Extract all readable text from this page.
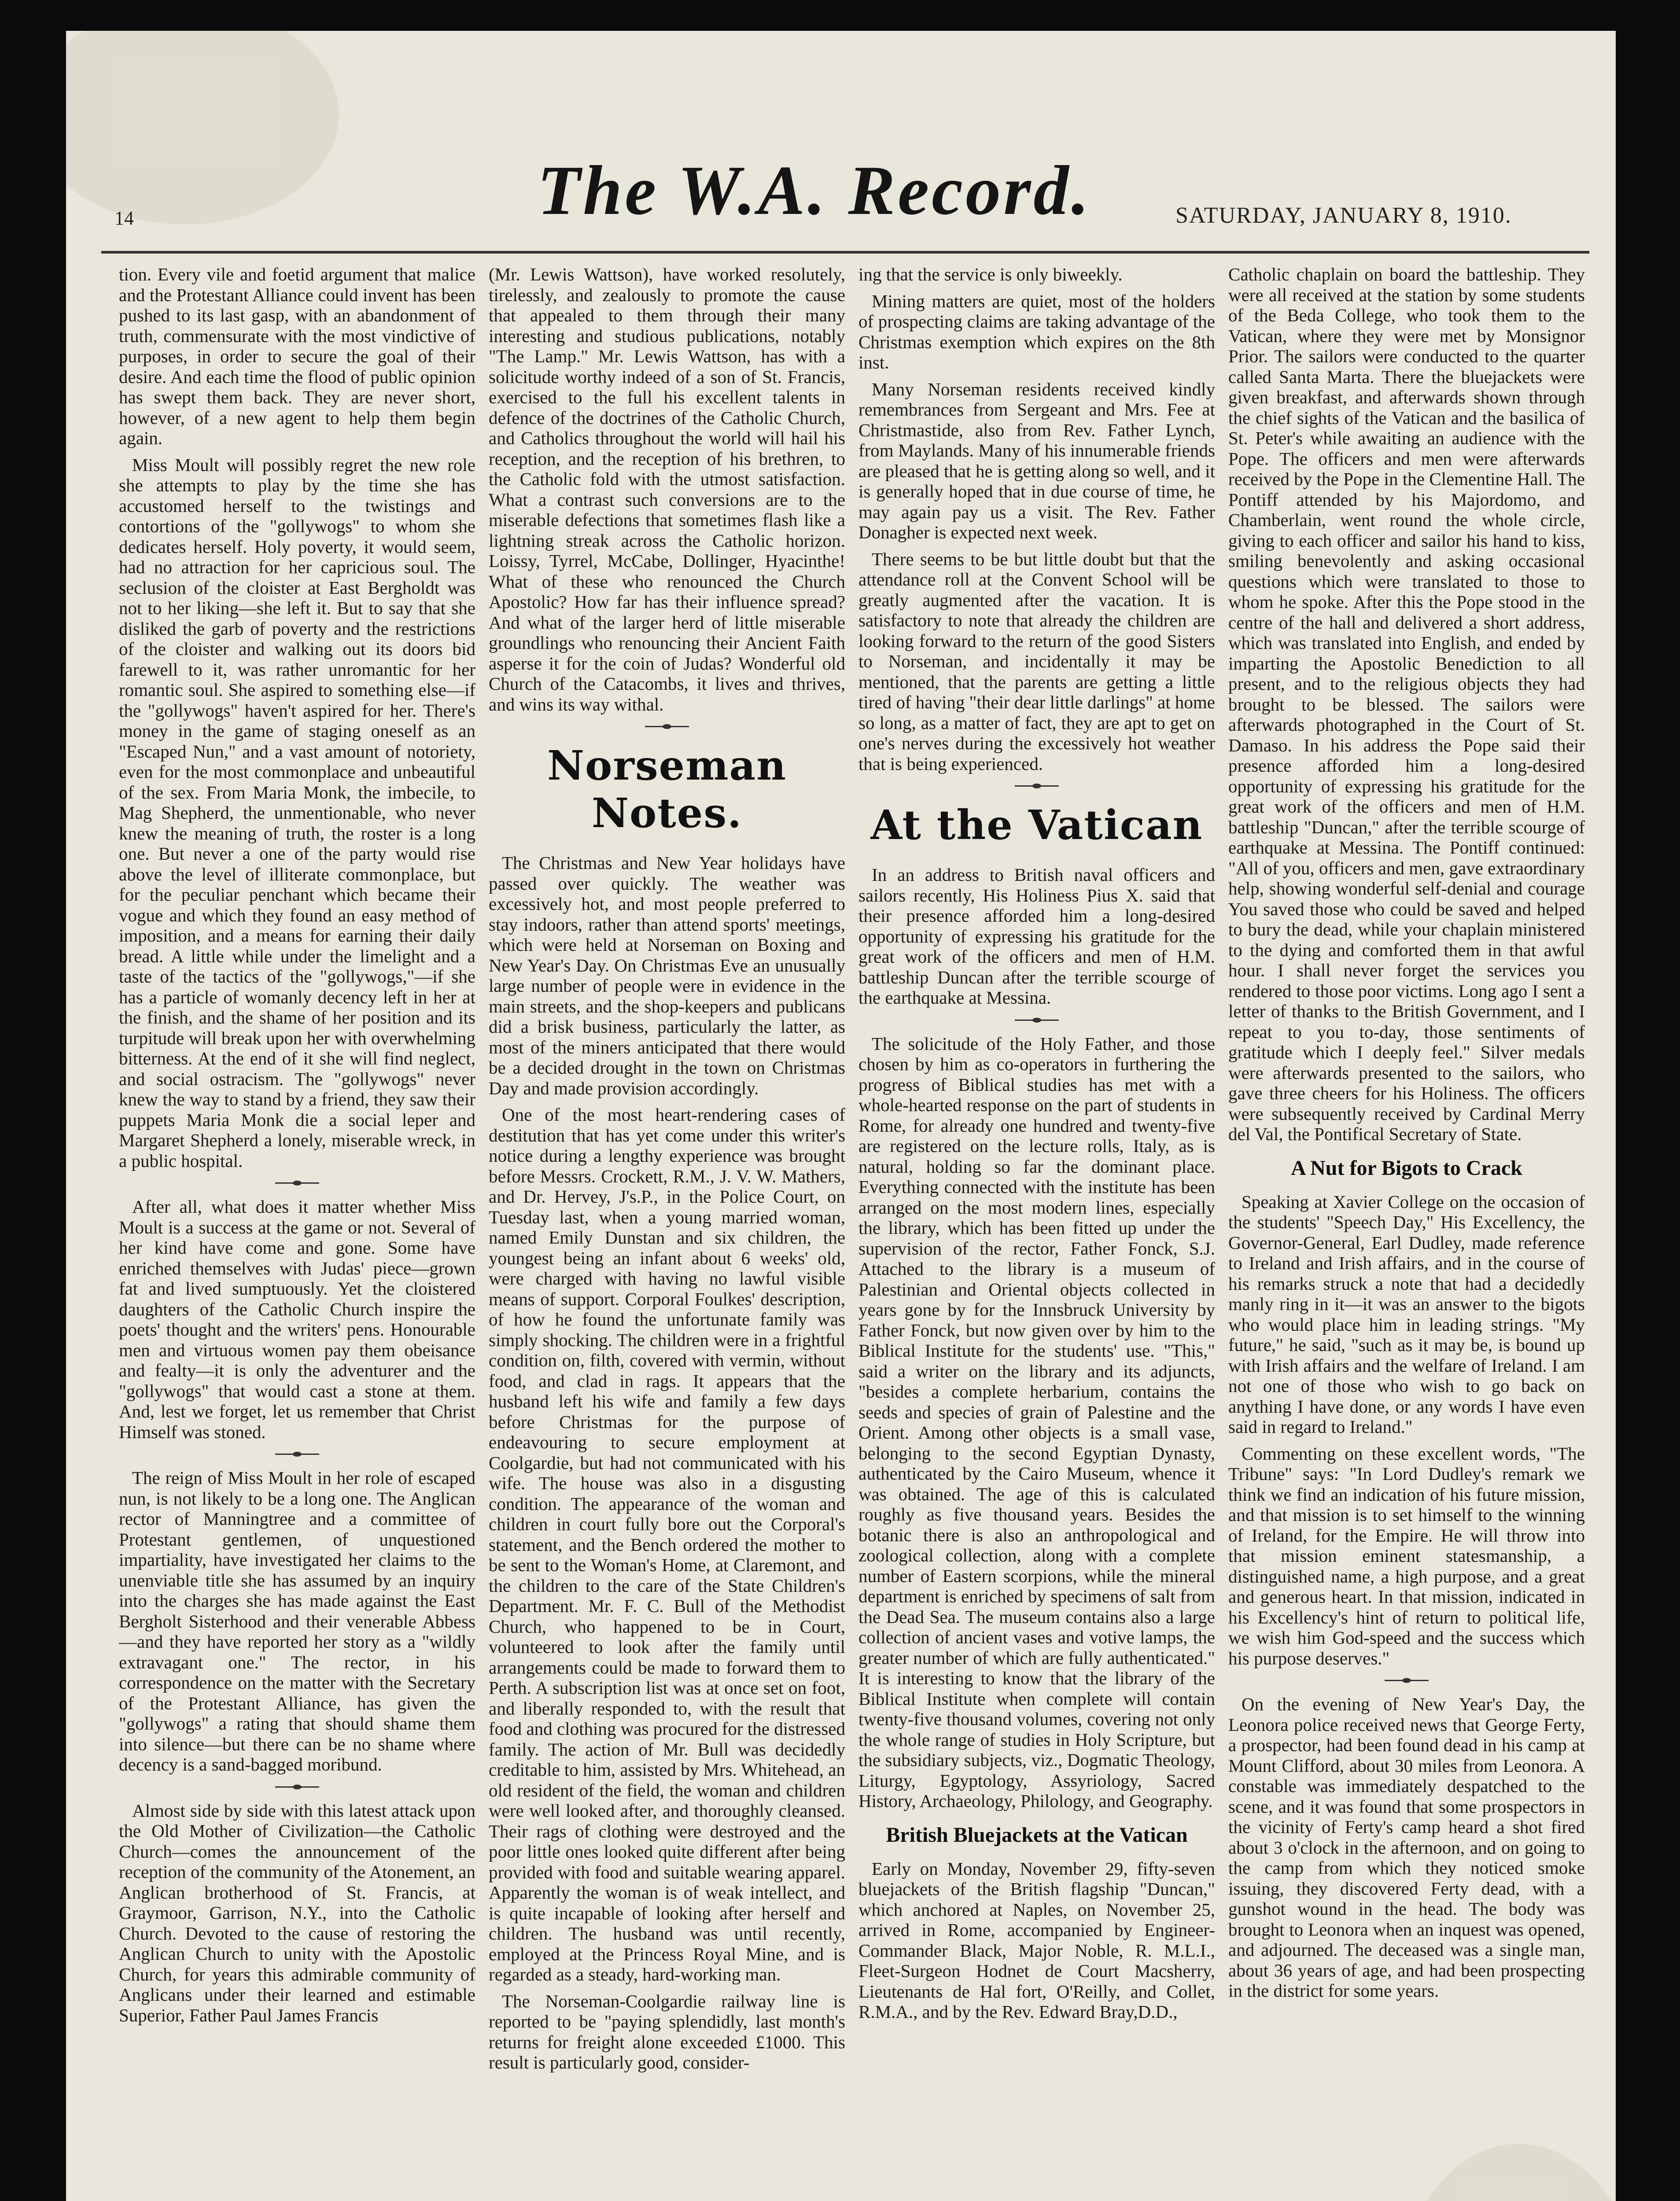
14	The W.A. Record.	SATURDAY, JANUARY 8, 1910.

tion. Every vile and foetid argument that malice and the Protestant Alliance could invent has been pushed to its last gasp, with an abandonment of truth, commensurate with the most vindictive of purposes, in order to secure the goal of their desire. And each time the flood of public opinion has swept them back. They are never short, however, of a new agent to help them begin again.

Miss Moult will possibly regret the new role she attempts to play by the time she has accustomed herself to the twistings and contortions of the "gollywogs" to whom she dedicates herself. Holy poverty, it would seem, had no attraction for her capricious soul. The seclusion of the cloister at East Bergholdt was not to her liking—she left it. But to say that she disliked the garb of poverty and the restrictions of the cloister and walking out its doors bid farewell to it, was rather unromantic for her romantic soul. She aspired to something else—if the "gollywogs" haven't aspired for her. There's money in the game of staging oneself as an "Escaped Nun," and a vast amount of notoriety, even for the most commonplace and unbeautiful of the sex. From Maria Monk, the imbecile, to Mag Shepherd, the unmentionable, who never knew the meaning of truth, the roster is a long one. But never a one of the party would rise above the level of illiterate commonplace, but for the peculiar penchant which became their vogue and which they found an easy method of imposition, and a means for earning their daily bread. A little while under the limelight and a taste of the tactics of the "gollywogs,"—if she has a particle of womanly decency left in her at the finish, and the shame of her position and its turpitude will break upon her with overwhelming bitterness. At the end of it she will find neglect, and social ostracism. The "gollywogs" never knew the way to stand by a friend, they saw their puppets Maria Monk die a social leper and Margaret Shepherd a lonely, miserable wreck, in a public hospital.

After all, what does it matter whether Miss Moult is a success at the game or not. Several of her kind have come and gone. Some have enriched themselves with Judas' piece—grown fat and lived sumptuously. Yet the cloistered daughters of the Catholic Church inspire the poets' thought and the writers' pens. Honourable men and virtuous women pay them obeisance and fealty—it is only the adventurer and the "gollywogs" that would cast a stone at them. And, lest we forget, let us remember that Christ Himself was stoned.

The reign of Miss Moult in her role of escaped nun, is not likely to be a long one. The Anglican rector of Manningtree and a committee of Protestant gentlemen, of unquestioned impartiality, have investigated her claims to the unenviable title she has assumed by an inquiry into the charges she has made against the East Bergholt Sisterhood and their venerable Abbess—and they have reported her story as a "wildly extravagant one." The rector, in his correspondence on the matter with the Secretary of the Protestant Alliance, has given the "gollywogs" a rating that should shame them into silence—but there can be no shame where decency is a sand-bagged moribund.

Almost side by side with this latest attack upon the Old Mother of Civilization—the Catholic Church—comes the announcement of the reception of the community of the Atonement, an Anglican brotherhood of St. Francis, at Graymoor, Garrison, N.Y., into the Catholic Church. Devoted to the cause of restoring the Anglican Church to unity with the Apostolic Church, for years this admirable community of Anglicans under their learned and estimable Superior, Father Paul James Francis

(Mr. Lewis Wattson), have worked resolutely, tirelessly, and zealously to promote the cause that appealed to them through their many interesting and studious publications, notably "The Lamp." Mr. Lewis Wattson, has with a solicitude worthy indeed of a son of St. Francis, exercised to the full his excellent talents in defence of the doctrines of the Catholic Church, and Catholics throughout the world will hail his reception, and the reception of his brethren, to the Catholic fold with the utmost satisfaction. What a contrast such conversions are to the miserable defections that sometimes flash like a lightning streak across the Catholic horizon. Loissy, Tyrrel, McCabe, Dollinger, Hyacinthe! What of these who renounced the Church Apostolic? How far has their influence spread? And what of the larger herd of little miserable groundlings who renouncing their Ancient Faith asperse it for the coin of Judas? Wonderful old Church of the Catacombs, it lives and thrives, and wins its way withal.

Norseman Notes.

The Christmas and New Year holidays have passed over quickly. The weather was excessively hot, and most people preferred to stay indoors, rather than attend sports' meetings, which were held at Norseman on Boxing and New Year's Day. On Christmas Eve an unusually large number of people were in evidence in the main streets, and the shop-keepers and publicans did a brisk business, particularly the latter, as most of the miners anticipated that there would be a decided drought in the town on Christmas Day and made provision accordingly.

One of the most heart-rendering cases of destitution that has yet come under this writer's notice during a lengthy experience was brought before Messrs. Crockett, R.M., J. V. W. Mathers, and Dr. Hervey, J's.P., in the Police Court, on Tuesday last, when a young married woman, named Emily Dunstan and six children, the youngest being an infant about 6 weeks' old, were charged with having no lawful visible means of support. Corporal Foulkes' description, of how he found the unfortunate family was simply shocking. The children were in a frightful condition on, filth, covered with vermin, without food, and clad in rags. It appears that the husband left his wife and family a few days before Christmas for the purpose of endeavouring to secure employment at Coolgardie, but had not communicated with his wife. The house was also in a disgusting condition. The appearance of the woman and children in court fully bore out the Corporal's statement, and the Bench ordered the mother to be sent to the Woman's Home, at Claremont, and the children to the care of the State Children's Department. Mr. F. C. Bull of the Methodist Church, who happened to be in Court, volunteered to look after the family until arrangements could be made to forward them to Perth. A subscription list was at once set on foot, and liberally responded to, with the result that food and clothing was procured for the distressed family. The action of Mr. Bull was decidedly creditable to him, assisted by Mrs. Whitehead, an old resident of the field, the woman and children were well looked after, and thoroughly cleansed. Their rags of clothing were destroyed and the poor little ones looked quite different after being provided with food and suitable wearing apparel. Apparently the woman is of weak intellect, and is quite incapable of looking after herself and children. The husband was until recently, employed at the Princess Royal Mine, and is regarded as a steady, hard-working man.

The Norseman-Coolgardie railway line is reported to be "paying splendidly, last month's returns for freight alone exceeded £1000. This result is particularly good, consider-

ing that the service is only biweekly.

Mining matters are quiet, most of the holders of prospecting claims are taking advantage of the Christmas exemption which expires on the 8th inst.

Many Norseman residents received kindly remembrances from Sergeant and Mrs. Fee at Christmastide, also from Rev. Father Lynch, from Maylands. Many of his innumerable friends are pleased that he is getting along so well, and it is generally hoped that in due course of time, he may again pay us a visit. The Rev. Father Donagher is expected next week.

There seems to be but little doubt but that the attendance roll at the Convent School will be greatly augmented after the vacation. It is satisfactory to note that already the children are looking forward to the return of the good Sisters to Norseman, and incidentally it may be mentioned, that the parents are getting a little tired of having "their dear little darlings" at home so long, as a matter of fact, they are apt to get on one's nerves during the excessively hot weather that is being experienced.

At the Vatican

In an address to British naval officers and sailors recently, His Holiness Pius X. said that their presence afforded him a long-desired opportunity of expressing his gratitude for the great work of the officers and men of H.M. battleship Duncan after the terrible scourge of the earthquake at Messina.

The solicitude of the Holy Father, and those chosen by him as co-operators in furthering the progress of Biblical studies has met with a whole-hearted response on the part of students in Rome, for already one hundred and twenty-five are registered on the lecture rolls, Italy, as is natural, holding so far the dominant place. Everything connected with the institute has been arranged on the most modern lines, especially the library, which has been fitted up under the supervision of the rector, Father Fonck, S.J. Attached to the library is a museum of Palestinian and Oriental objects collected in years gone by for the Innsbruck University by Father Fonck, but now given over by him to the Biblical Institute for the students' use. "This," said a writer on the library and its adjuncts, "besides a complete herbarium, contains the seeds and species of grain of Palestine and the Orient. Among other objects is a small vase, belonging to the second Egyptian Dynasty, authenticated by the Cairo Museum, whence it was obtained. The age of this is calculated roughly as five thousand years. Besides the botanic there is also an anthropological and zoological collection, along with a complete number of Eastern scorpions, while the mineral department is enriched by specimens of salt from the Dead Sea. The museum contains also a large collection of ancient vases and votive lamps, the greater number of which are fully authenticated." It is interesting to know that the library of the Biblical Institute when complete will contain twenty-five thousand volumes, covering not only the whole range of studies in Holy Scripture, but the subsidiary subjects, viz., Dogmatic Theology, Liturgy, Egyptology, Assyriology, Sacred History, Archaeology, Philology, and Geography.

British Bluejackets at the Vatican

Early on Monday, November 29, fifty-seven bluejackets of the British flagship "Duncan," which anchored at Naples, on November 25, arrived in Rome, accompanied by Engineer-Commander Black, Major Noble, R. M.L.I., Fleet-Surgeon Hodnet de Court Macsherry, Lieutenants de Hal fort, O'Reilly, and Collet, R.M.A., and by the Rev. Edward Bray,D.D.,

Catholic chaplain on board the battleship. They were all received at the station by some students of the Beda College, who took them to the Vatican, where they were met by Monsignor Prior. The sailors were conducted to the quarter called Santa Marta. There the bluejackets were given breakfast, and afterwards shown through the chief sights of the Vatican and the basilica of St. Peter's while awaiting an audience with the Pope. The officers and men were afterwards received by the Pope in the Clementine Hall. The Pontiff attended by his Majordomo, and Chamberlain, went round the whole circle, giving to each officer and sailor his hand to kiss, smiling benevolently and asking occasional questions which were translated to those to whom he spoke. After this the Pope stood in the centre of the hall and delivered a short address, which was translated into English, and ended by imparting the Apostolic Benediction to all present, and to the religious objects they had brought to be blessed. The sailors were afterwards photographed in the Court of St. Damaso. In his address the Pope said their presence afforded him a long-desired opportunity of expressing his gratitude for the great work of the officers and men of H.M. battleship "Duncan," after the terrible scourge of earthquake at Messina. The Pontiff continued: "All of you, officers and men, gave extraordinary help, showing wonderful self-denial and courage You saved those who could be saved and helped to bury the dead, while your chaplain ministered to the dying and comforted them in that awful hour. I shall never forget the services you rendered to those poor victims. Long ago I sent a letter of thanks to the British Government, and I repeat to you to-day, those sentiments of gratitude which I deeply feel." Silver medals were afterwards presented to the sailors, who gave three cheers for his Holiness. The officers were subsequently received by Cardinal Merry del Val, the Pontifical Secretary of State.

A Nut for Bigots to Crack

Speaking at Xavier College on the occasion of the students' "Speech Day," His Excellency, the Governor-General, Earl Dudley, made reference to Ireland and Irish affairs, and in the course of his remarks struck a note that had a decidedly manly ring in it—it was an answer to the bigots who would place him in leading strings. "My future," he said, "such as it may be, is bound up with Irish affairs and the welfare of Ireland. I am not one of those who wish to go back on anything I have done, or any words I have even said in regard to Ireland."

Commenting on these excellent words, "The Tribune" says: "In Lord Dudley's remark we think we find an indication of his future mission, and that mission is to set himself to the winning of Ireland, for the Empire. He will throw into that mission eminent statesmanship, a distinguished name, a high purpose, and a great and generous heart. In that mission, indicated in his Excellency's hint of return to political life, we wish him God-speed and the success which his purpose deserves."

On the evening of New Year's Day, the Leonora police received news that George Ferty, a prospector, had been found dead in his camp at Mount Clifford, about 30 miles from Leonora. A constable was immediately despatched to the scene, and it was found that some prospectors in the vicinity of Ferty's camp heard a shot fired about 3 o'clock in the afternoon, and on going to the camp from which they noticed smoke issuing, they discovered Ferty dead, with a gunshot wound in the head. The body was brought to Leonora when an inquest was opened, and adjourned. The deceased was a single man, about 36 years of age, and had been prospecting in the district for some years.
